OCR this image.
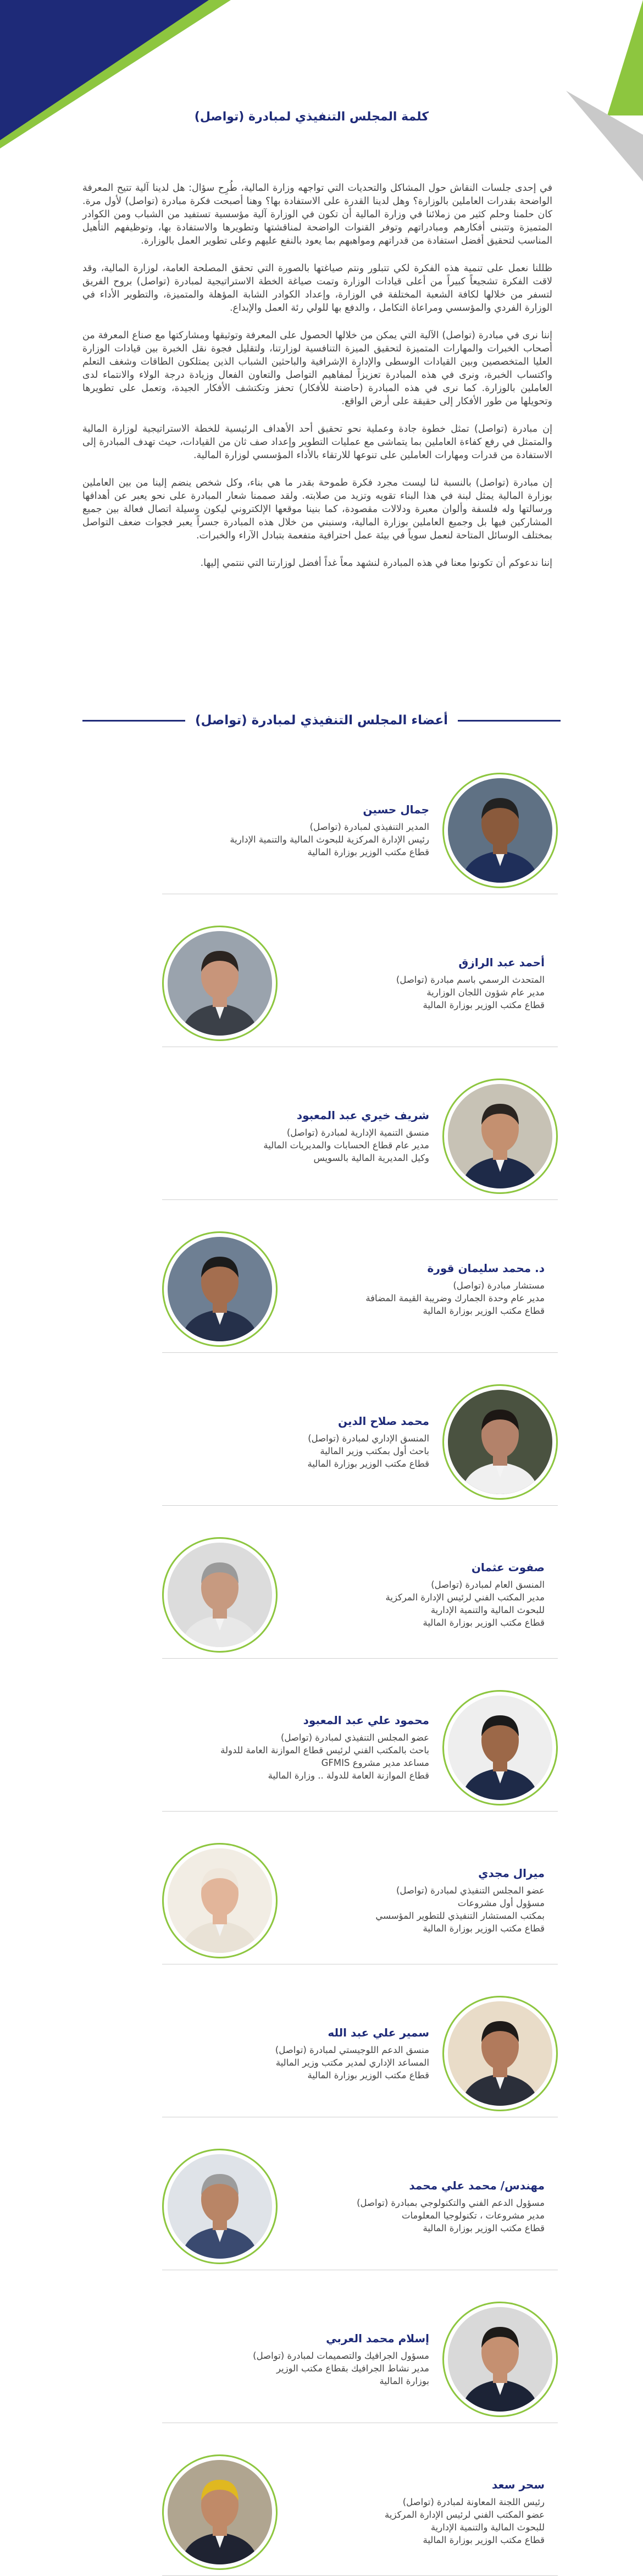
كلمة المجلس التنفيذي لمبادرة (تواصل)

في إحدى جلسات النقاش حول المشاكل والتحديات التي تواجهه وزارة المالية، طُرِح سؤال: هل لدينا آلية تتيح المعرفة الواضحة بقدرات العاملين بالوزارة؟ وهل لدينا القدرة على الاستفادة بها؟ وهنا أصبحت فكرة مبادرة (تواصل) لأول مرة. كان حلمنا وحلم كثير من زملائنا في وزارة المالية أن تكون في الوزارة آلية مؤسسية تستفيد من الشباب ومن الكوادر المتميزة وتتبنى أفكارهم ومبادراتهم وتوفر القنوات الواضحة لمناقشتها وتطويرها والاستفادة بها، وتوظيفهم التأهيل المناسب لتحقيق أفضل استفادة من قدراتهم ومواهبهم بما يعود بالنفع عليهم وعلى تطوير العمل بالوزارة.

ظللنا نعمل على تنمية هذه الفكرة لكي تتبلور ونتم صياغتها بالصورة التي تحقق المصلحة العامة، لوزارة المالية، وقد لاقت الفكرة تشجيعاً كبيراً من أعلى قيادات الوزارة وتمت صياغة الخطة الاستراتيجية لمبادرة (تواصل) بروح الفريق لتسفر من خلالها لكافة الشعبة المختلفة في الوزارة، وإعداد الكوادر الشابة المؤهلة والمتميزة، والتطوير الأداء في الوزارة الفردي والمؤسسي ومراعاة التكامل ، والدفع بها للولي رئة العمل والإبداع.

إننا نرى في مبادرة (تواصل) الآلية التي يمكن من خلالها الحصول على المعرفة وتوثيقها ومشاركتها مع صناع المعرفة من أصحاب الخبرات والمهارات المتميزة لتحقيق الميزة التنافسية لوزارتنا، ولتقليل فجوة نقل الخبرة بين قيادات الوزارة العليا المتخصصين وبين القيادات الوسطى والإدارة الإشرافية والباحثين الشباب الذين يمتلكون الطاقات وشغف التعلم واكتساب الخبرة، ونرى في هذه المبادرة تعزيزاً لمفاهيم التواصل والتعاون الفعال وزيادة درجة الولاء والانتماء لدى العاملين بالوزارة. كما نرى في هذه المبادرة (حاضنة للأفكار) تحفز وتكتشف الأفكار الجيدة، وتعمل على تطويرها وتحويلها من طور الأفكار إلى حقيقة على أرض الواقع.

إن مبادرة (تواصل) تمثل خطوة جادة وعملية نحو تحقيق أحد الأهداف الرئيسية للخطة الاستراتيجية لوزارة المالية والمتمثل في رفع كفاءة العاملين بما يتماشى مع عمليات التطوير وإعداد صف ثان من القيادات، حيث تهدف المبادرة إلى الاستفادة من قدرات ومهارات العاملين على تنوعها للارتقاء بالأداء المؤسسي لوزارة المالية.

إن مبادرة (تواصل) بالنسبة لنا ليست مجرد فكرة طموحة بقدر ما هي بناء، وكل شخص ينضم إلينا من بين العاملين بوزارة المالية يمثل لبنة في هذا البناء تقويه وتزيد من صلابته. ولقد صممنا شعار المبادرة على نحو يعبر عن أهدافها ورسالتها وله فلسفة وألوان معبرة ودلالات مقصودة، كما بنينا موقعها الإلكتروني ليكون وسيلة اتصال فعالة بين جميع المشاركين فيها بل وجميع العاملين بوزارة المالية، وسنبني من خلال هذه المبادرة جسراً يعبر فجوات ضعف التواصل بمختلف الوسائل المتاحة لنعمل سوياً في بيئة عمل احترافية متفعمة بتبادل الآراء والخبرات.

إننا ندعوكم أن تكونوا معنا في هذه المبادرة لنشهد معاً غداً أفضل لوزارتنا التي ننتمي إليها.

أعضاء المجلس التنفيذي لمبادرة (تواصل)
جمال حسين
المدير التنفيذي لمبادرة (تواصل)
رئيس الإدارة المركزية للبحوث المالية والتنمية الإدارية
قطاع مكتب الوزير بوزارة المالية
أحمد عبد الرازق
المتحدث الرسمي باسم مبادرة (تواصل)
مدير عام شؤون اللجان الوزارية
قطاع مكتب الوزير بوزارة المالية
شريف خيري عبد المعبود
منسق التنمية الإدارية لمبادرة (تواصل)
مدير عام قطاع الحسابات والمديريات المالية
وكيل المديرية المالية بالسويس
د. محمد سليمان قورة
مستشار مبادرة (تواصل)
مدير عام وحدة الجمارك وضريبة القيمة المضافة
قطاع مكتب الوزير بوزارة المالية
محمد صلاح الدين
المنسق الإداري لمبادرة (تواصل)
باحث أول بمكتب وزير المالية
قطاع مكتب الوزير بوزارة المالية
صفوت عثمان
المنسق العام لمبادرة (تواصل)
مدير المكتب الفني لرئيس الإدارة المركزية
للبحوث المالية والتنمية الإدارية
قطاع مكتب الوزير بوزارة المالية
محمود علي عبد المعبود
عضو المجلس التنفيذي لمبادرة (تواصل)
باحث بالمكتب الفني لرئيس قطاع الموازنة العامة للدولة
مساعد مدير مشروع GFMIS
قطاع الموازنة العامة للدولة .. وزارة المالية
ميرال مجدي
عضو المجلس التنفيذي لمبادرة (تواصل)
مسؤول أول مشروعات
بمكتب المستشار التنفيذي للتطوير المؤسسي
قطاع مكتب الوزير بوزارة المالية
سمير علي عبد الله
منسق الدعم اللوجيستي لمبادرة (تواصل)
المساعد الإداري لمدير مكتب وزير المالية
قطاع مكتب الوزير بوزارة المالية
مهندس/ محمد علي محمد
مسؤول الدعم الفني والتكنولوجي بمبادرة (تواصل)
مدير مشروعات ، تكنولوجيا المعلومات
قطاع مكتب الوزير بوزارة المالية
إسلام محمد العربي
مسؤول الجرافيك والتصميمات لمبادرة (تواصل)
مدير نشاط الجرافيك بقطاع مكتب الوزير
بوزارة المالية
سحر سعد
رئيس اللجنة المعاونة لمبادرة (تواصل)
عضو المكتب الفني لرئيس الإدارة المركزية
للبحوث المالية والتنمية الإدارية
قطاع مكتب الوزير بوزارة المالية
